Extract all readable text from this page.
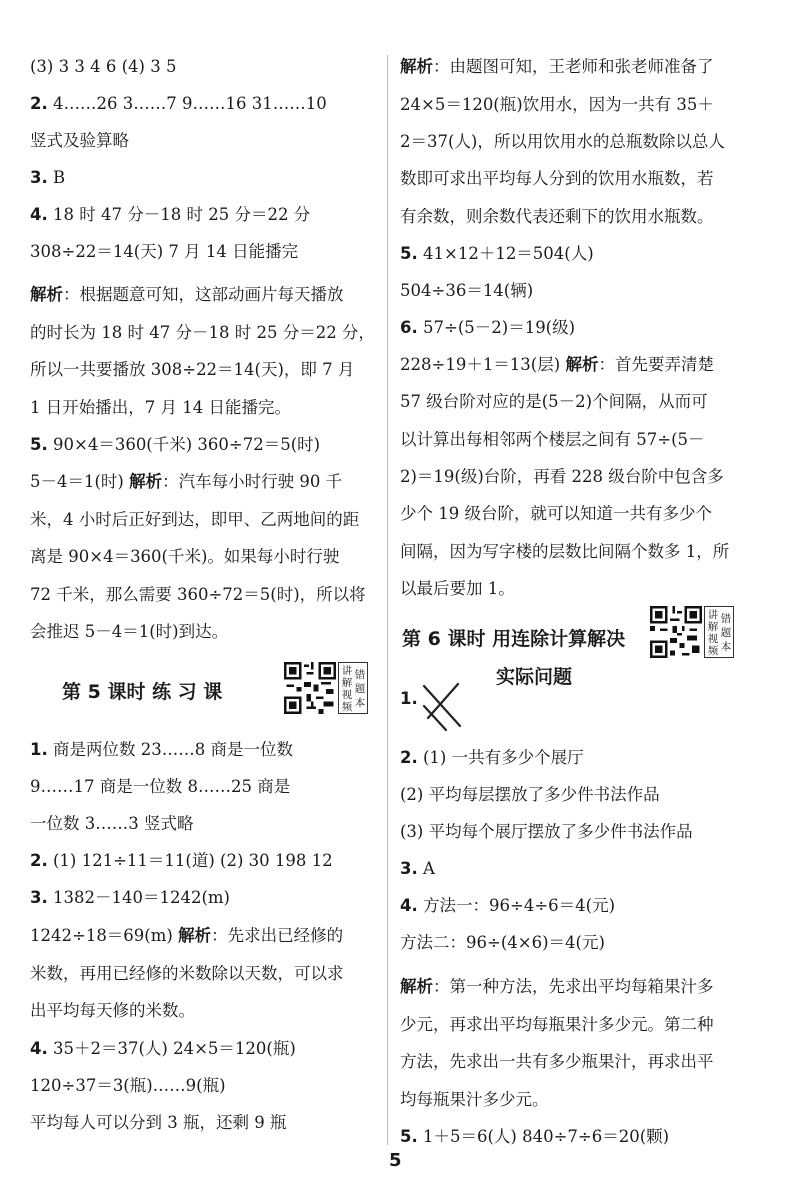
(3) 3 3 4 6 (4) 3 5
2. 4……26 3……7 9……16 31……10
竖式及验算略
3. B
4. 18 时 47 分－18 时 25 分＝22 分
308÷22＝14(天) 7 月 14 日能播完
解析：根据题意可知，这部动画片每天播放
的时长为 18 时 47 分－18 时 25 分＝22 分，
所以一共要播放 308÷22＝14(天)，即 7 月
1 日开始播出，7 月 14 日能播完。
5. 90×4＝360(千米) 360÷72＝5(时)
5－4＝1(时) 解析：汽车每小时行驶 90 千
米，4 小时后正好到达，即甲、乙两地间的距
离是 90×4＝360(千米)。如果每小时行驶
72 千米，那么需要 360÷72＝5(时)，所以将
会推迟 5－4＝1(时)到达。
第 5 课时 练 习 课
讲
解
视
频
错
题
本
1. 商是两位数 23……8 商是一位数
9……17 商是一位数 8……25 商是
一位数 3……3 竖式略
2. (1) 121÷11＝11(道) (2) 30 198 12
3. 1382－140＝1242(m)
1242÷18＝69(m) 解析：先求出已经修的
米数，再用已经修的米数除以天数，可以求
出平均每天修的米数。
4. 35＋2＝37(人) 24×5＝120(瓶)
120÷37＝3(瓶)……9(瓶)
平均每人可以分到 3 瓶，还剩 9 瓶
解析：由题图可知，王老师和张老师准备了
24×5＝120(瓶)饮用水，因为一共有 35＋
2＝37(人)，所以用饮用水的总瓶数除以总人
数即可求出平均每人分到的饮用水瓶数，若
有余数，则余数代表还剩下的饮用水瓶数。
5. 41×12＋12＝504(人)
504÷36＝14(辆)
6. 57÷(5－2)＝19(级)
228÷19＋1＝13(层) 解析：首先要弄清楚
57 级台阶对应的是(5－2)个间隔，从而可
以计算出每相邻两个楼层之间有 57÷(5－
2)＝19(级)台阶，再看 228 级台阶中包含多
少个 19 级台阶，就可以知道一共有多少个
间隔，因为写字楼的层数比间隔个数多 1，所
以最后要加 1。
第 6 课时 用连除计算解决
实际问题
讲
解
视
频
错
题
本
1.
2. (1) 一共有多少个展厅
(2) 平均每层摆放了多少件书法作品
(3) 平均每个展厅摆放了多少件书法作品
3. A
4. 方法一：96÷4÷6＝4(元)
方法二：96÷(4×6)＝4(元)
解析：第一种方法，先求出平均每箱果汁多
少元，再求出平均每瓶果汁多少元。第二种
方法，先求出一共有多少瓶果汁，再求出平
均每瓶果汁多少元。
5. 1＋5＝6(人) 840÷7÷6＝20(颗)
5
